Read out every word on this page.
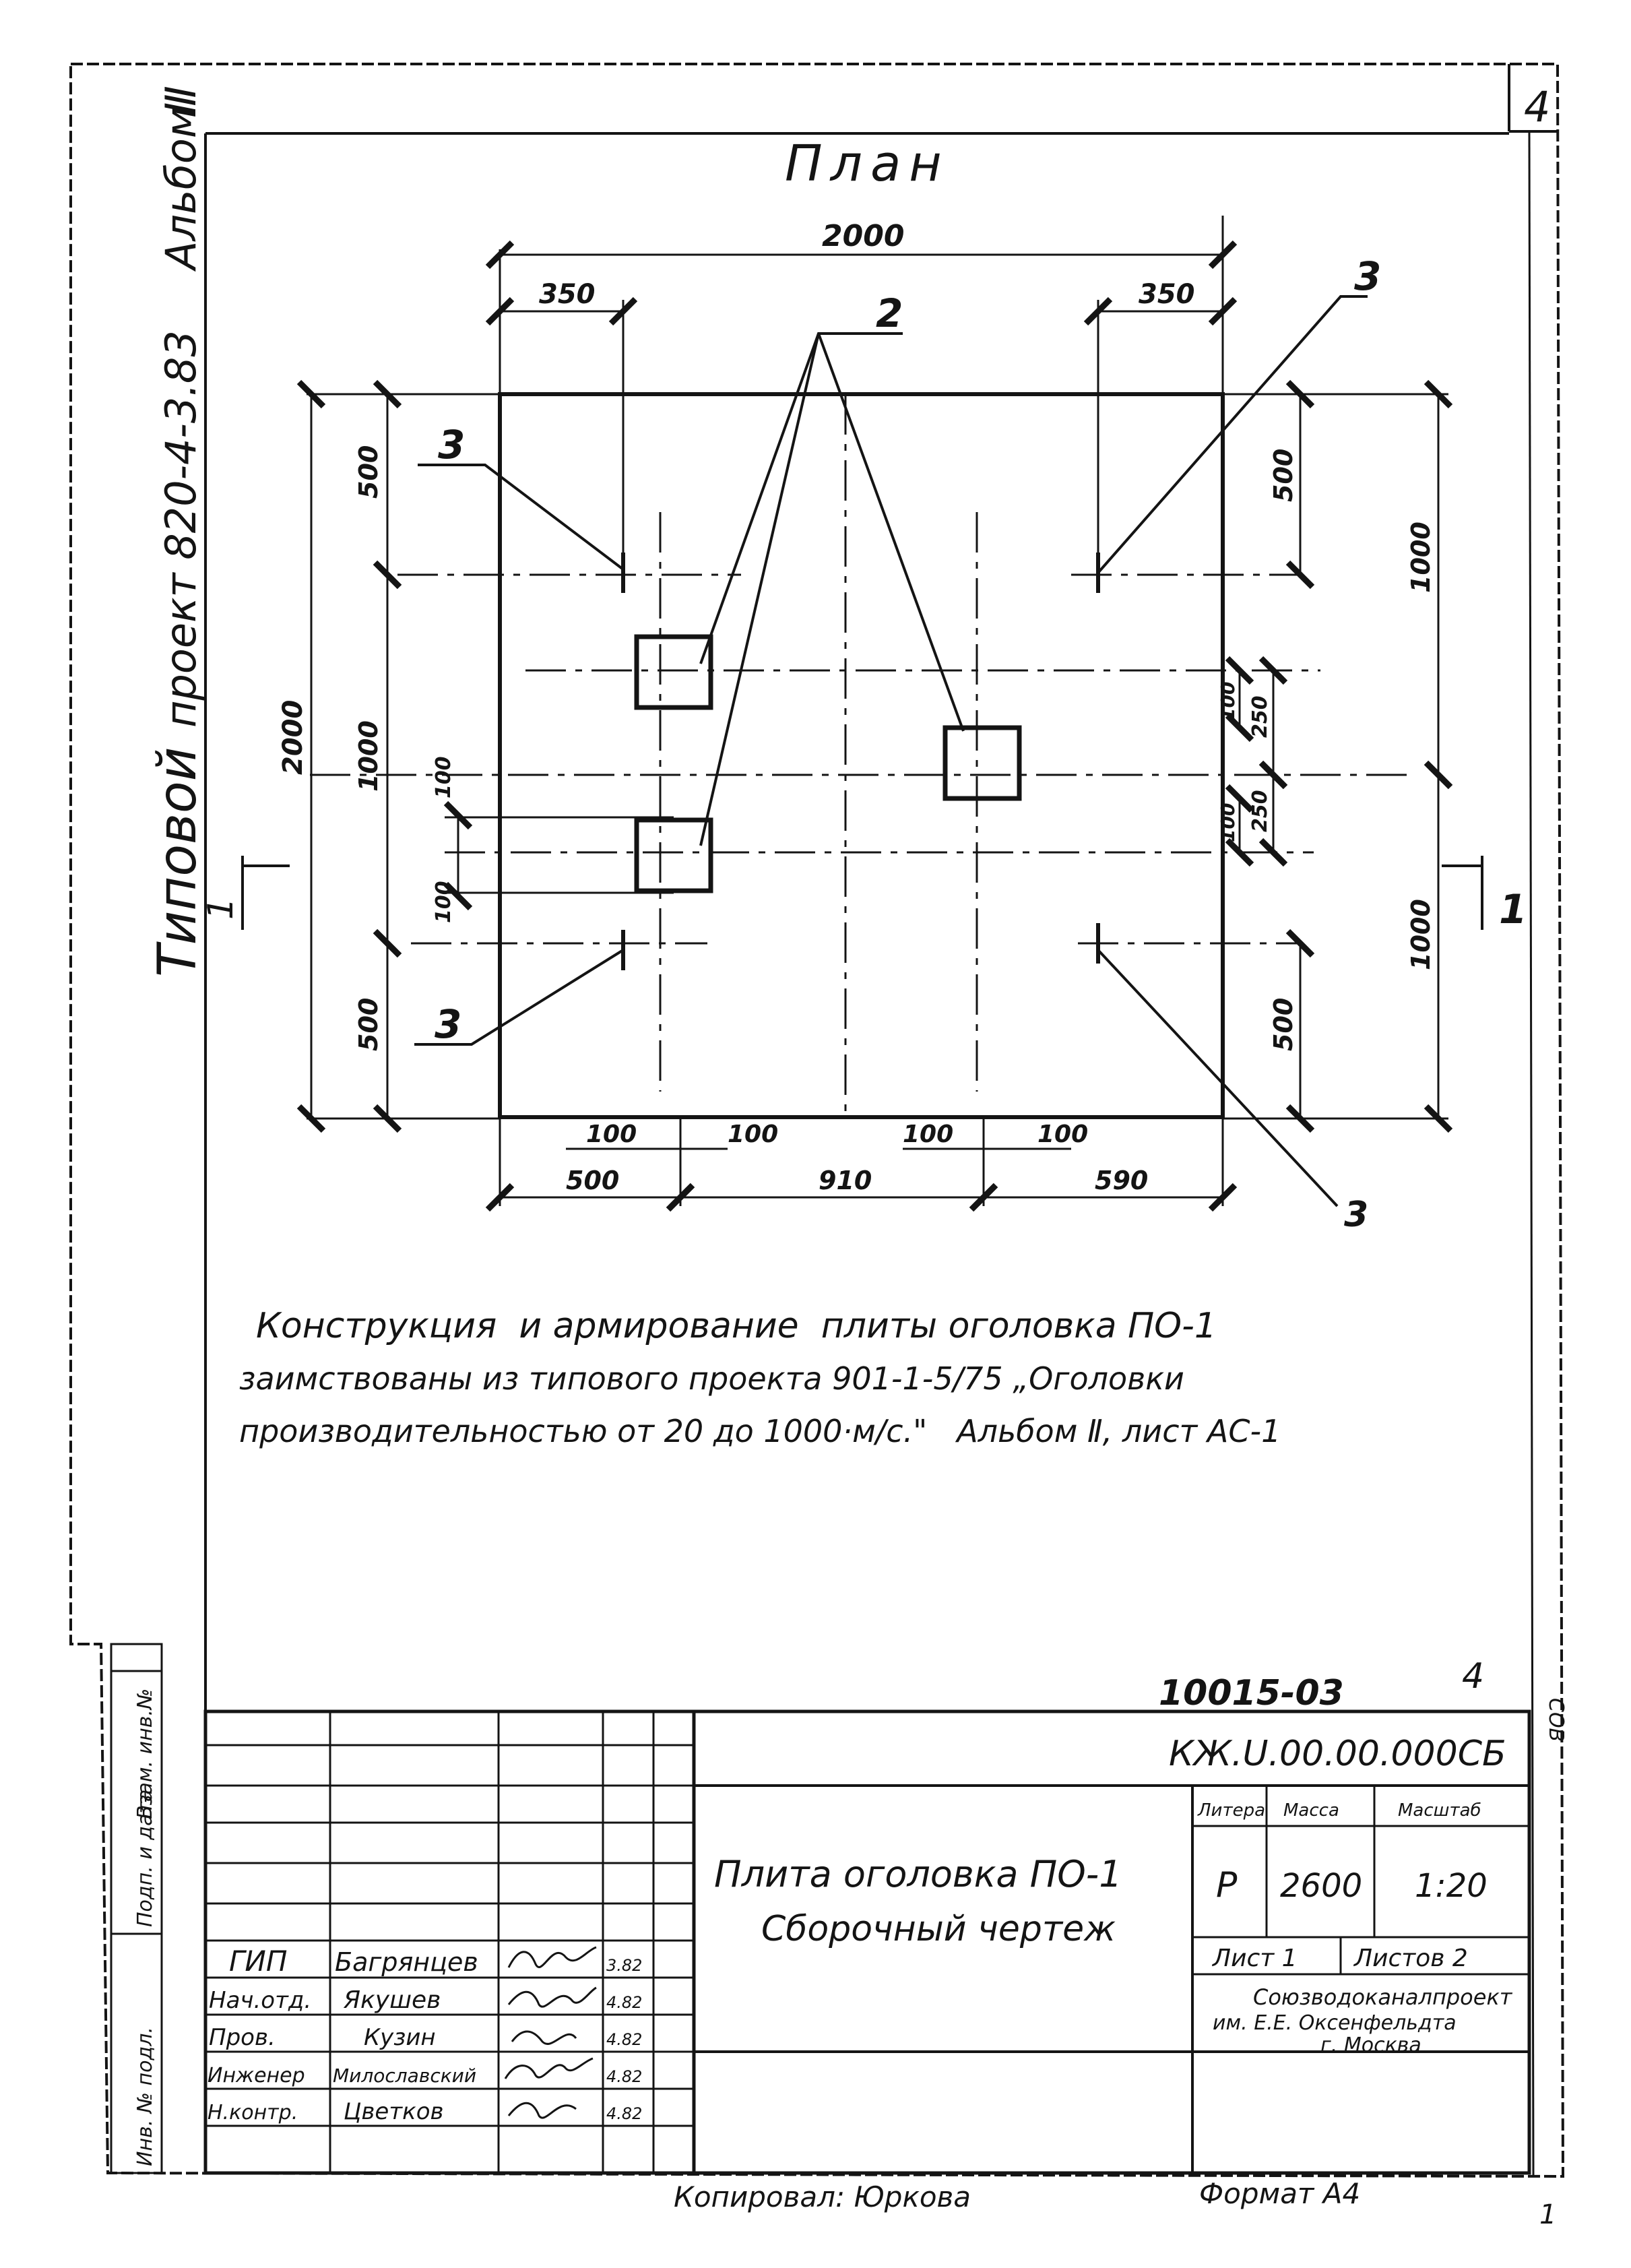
4
Типовой
проект 820-4-3.83
Альбом
Ⅲ
План
2000
350	350
2000
500
1000
500
100
100
500
1000
1000
500
250
250
100
100
100	100	100	100
500	910	590
2
3
3
3
3
1	1
Конструкция  и армирование  плиты оголовка ПО-1
заимствованы из типового проекта 901-1-5/75 „Оголовки
производительностью от 20 до 1000·м/с."   Альбом Ⅱ, лист АС-1
Инв. № подл.
Подп. и дата
Взам. инв.№	10015-03	4
КЖ.U.00.00.000СБ
Плита оголовка ПО-1
Сборочный чертеж
Литера Масса	Масштаб
Р 2600 1:20
Лист 1 Листов 2
Союзводоканалпроект
им. Е.Е. Оксенфельдта
г. Москва
ГИП Багрянцев	3.82
Нач.отд. Якушев	4.82
Пров.	Кузин	4.82
Инженер Милославский	4.82
Н.контр. Цветков	4.82
Копировал: Юркова	Формат А4
1
СОВ
